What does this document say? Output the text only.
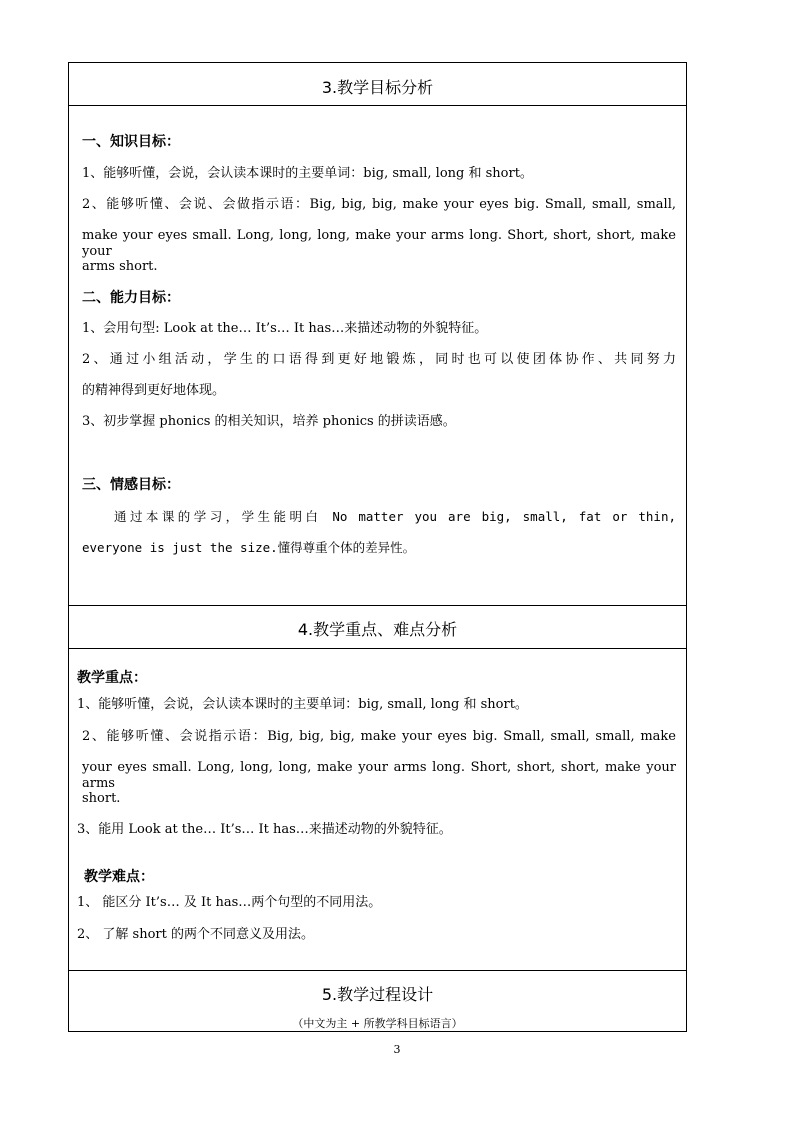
3.教学目标分析
一、知识目标：
1、能够听懂，会说，会认读本课时的主要单词：big, small, long 和 short。
2、能够听懂、会说、会做指示语：Big, big, big, make your eyes big. Small, small, small,
make your eyes small. Long, long, long, make your arms long. Short, short, short, make your
arms short.
二、能力目标：
1、会用句型: Look at the… It’s… It has…来描述动物的外貌特征。
2、通过小组活动，学生的口语得到更好地锻炼，同时也可以使团体协作、共同努力
的精神得到更好地体现。
3、初步掌握 phonics 的相关知识，培养 phonics 的拼读语感。
三、情感目标：
通过本课的学习，学生能明白 No matter you are big, small, fat or thin,
everyone is just the size.懂得尊重个体的差异性。
4.教学重点、难点分析
教学重点：
1、能够听懂，会说，会认读本课时的主要单词：big, small, long 和 short。
2、能够听懂、会说指示语：Big, big, big, make your eyes big. Small, small, small, make
your eyes small. Long, long, long, make your arms long. Short, short, short, make your arms
short.
3、能用 Look at the… It’s… It has…来描述动物的外貌特征。
教学难点：
1、 能区分 It’s… 及 It has…两个句型的不同用法。
2、 了解 short 的两个不同意义及用法。
5.教学过程设计
（中文为主 + 所教学科目标语言）
3
